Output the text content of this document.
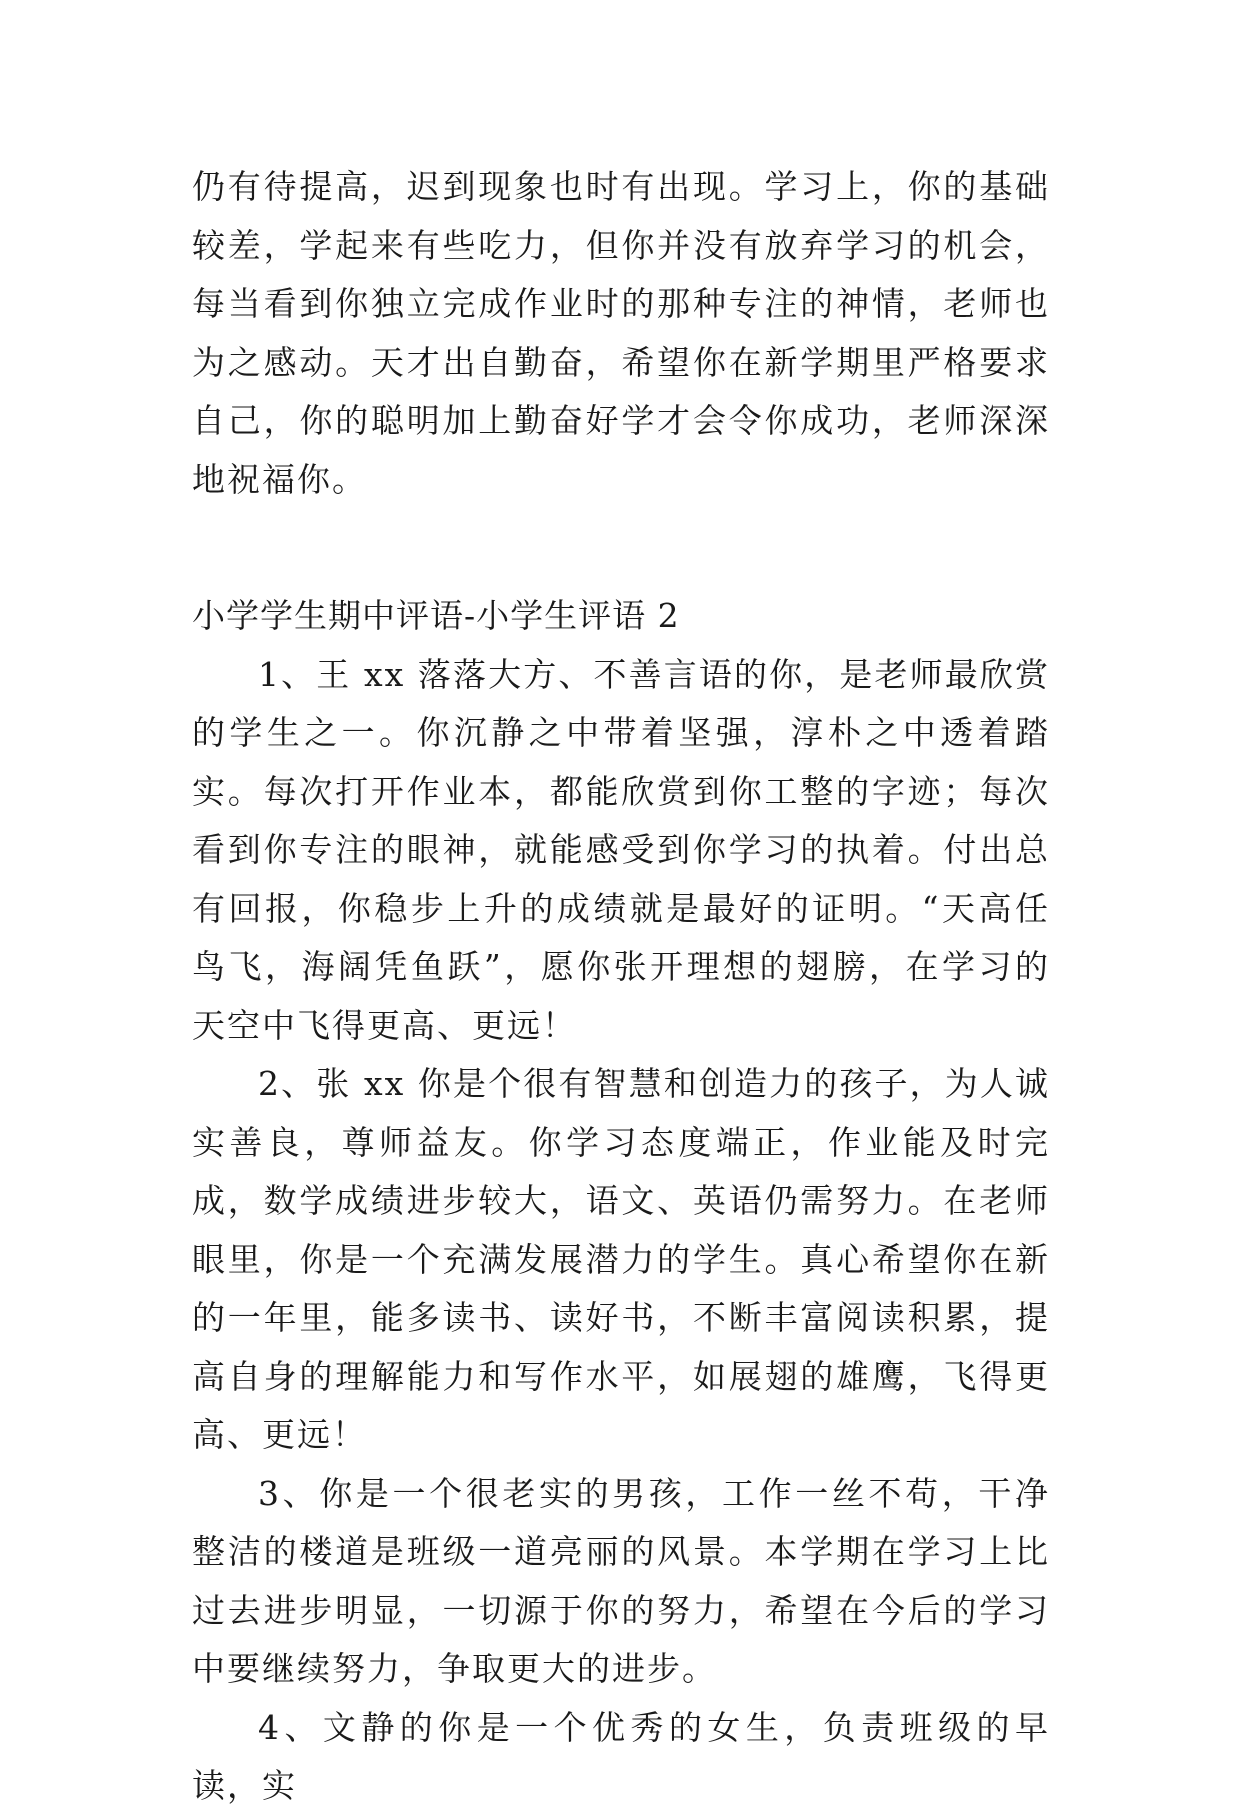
仍有待提高，迟到现象也时有出现。学习上，你的基础较差，学起来有些吃力，但你并没有放弃学习的机会，每当看到你独立完成作业时的那种专注的神情，老师也为之感动。天才出自勤奋，希望你在新学期里严格要求自己，你的聪明加上勤奋好学才会令你成功，老师深深地祝福你。

小学学生期中评语-小学生评语 2

1、王 xx 落落大方、不善言语的你，是老师最欣赏的学生之一。你沉静之中带着坚强，淳朴之中透着踏实。每次打开作业本，都能欣赏到你工整的字迹；每次看到你专注的眼神，就能感受到你学习的执着。付出总有回报，你稳步上升的成绩就是最好的证明。“天高任鸟飞，海阔凭鱼跃”，愿你张开理想的翅膀，在学习的天空中飞得更高、更远！

2、张 xx 你是个很有智慧和创造力的孩子，为人诚实善良，尊师益友。你学习态度端正，作业能及时完成，数学成绩进步较大，语文、英语仍需努力。在老师眼里，你是一个充满发展潜力的学生。真心希望你在新的一年里，能多读书、读好书，不断丰富阅读积累，提高自身的理解能力和写作水平，如展翅的雄鹰，飞得更高、更远！

3、你是一个很老实的男孩，工作一丝不苟，干净整洁的楼道是班级一道亮丽的风景。本学期在学习上比过去进步明显，一切源于你的努力，希望在今后的学习中要继续努力，争取更大的进步。

4、文静的你是一个优秀的女生，负责班级的早读，实
